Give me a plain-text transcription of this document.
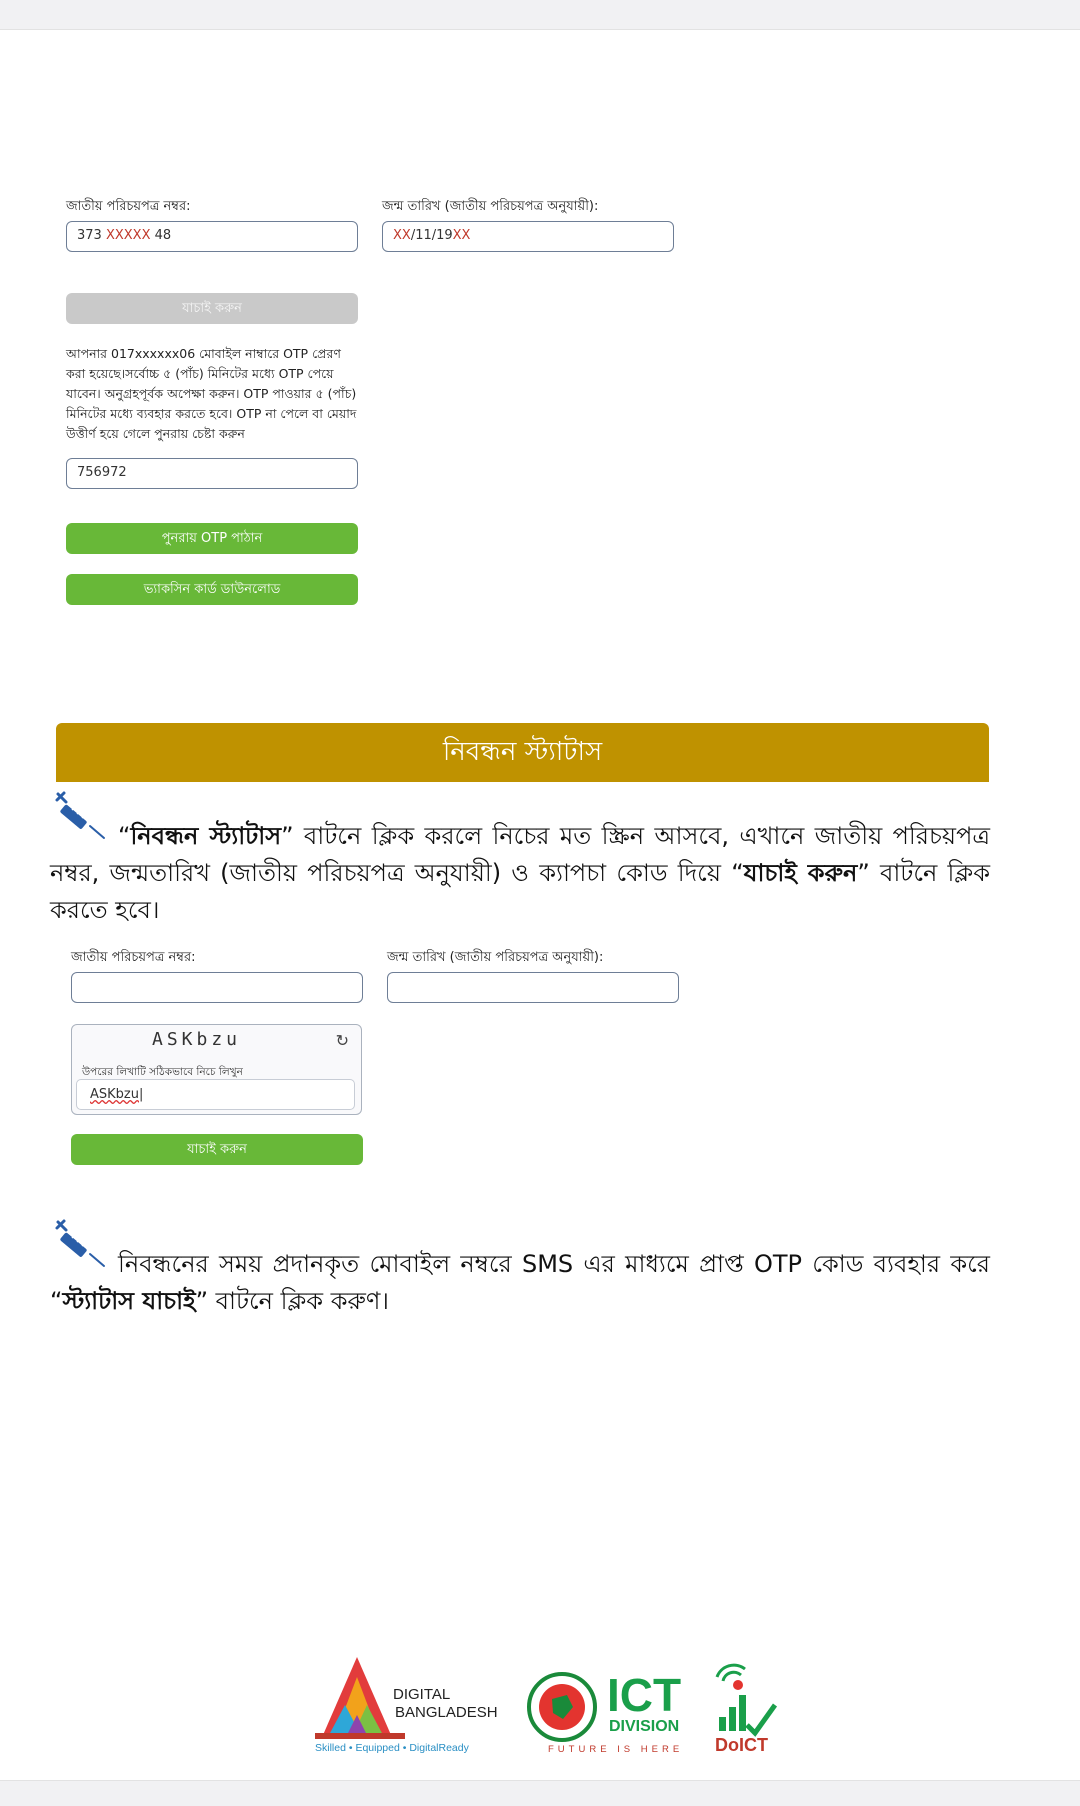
জাতীয় পরিচয়পত্র নম্বর:
373 XXXXX 48
জন্ম তারিখ (জাতীয় পরিচয়পত্র অনুযায়ী):
XX/11/19XX
যাচাই করুন
আপনার 017xxxxxx06 মোবাইল নাম্বারে OTP প্রেরণ করা হয়েছে।সর্বোচ্চ ৫ (পাঁচ) মিনিটের মধ্যে OTP পেয়ে যাবেন। অনুগ্রহপূর্বক অপেক্ষা করুন। OTP পাওয়ার ৫ (পাঁচ) মিনিটের মধ্যে ব্যবহার করতে হবে। OTP না পেলে বা মেয়াদ উত্তীর্ণ হয়ে গেলে পুনরায় চেষ্টা করুন
756972
পুনরায় OTP পাঠান
ভ্যাকসিন কার্ড ডাউনলোড
নিবন্ধন স্ট্যাটাস
“নিবন্ধন স্ট্যাটাস” বাটনে ক্লিক করলে নিচের মত স্ক্রিন আসবে, এখানে জাতীয় পরিচয়পত্র নম্বর, জন্মতারিখ (জাতীয় পরিচয়পত্র অনুযায়ী) ও ক্যাপচা কোড দিয়ে “যাচাই করুন” বাটনে ক্লিক করতে হবে।
জাতীয় পরিচয়পত্র নম্বর:	জন্ম তারিখ (জাতীয় পরিচয়পত্র অনুযায়ী):
ASKbzu	↻
উপরের লিখাটি সঠিকভাবে নিচে লিখুন
ASKbzu|
যাচাই করুন
নিবন্ধনের সময় প্রদানকৃত মোবাইল নম্বরে SMS এর মাধ্যমে প্রাপ্ত OTP কোড ব্যবহার করে “স্ট্যাটাস যাচাই” বাটনে ক্লিক করুণ।
DIGITAL
BANGLADESH
Skilled • Equipped • DigitalReady
ICT
DIVISION
FUTURE IS HERE DoICT
